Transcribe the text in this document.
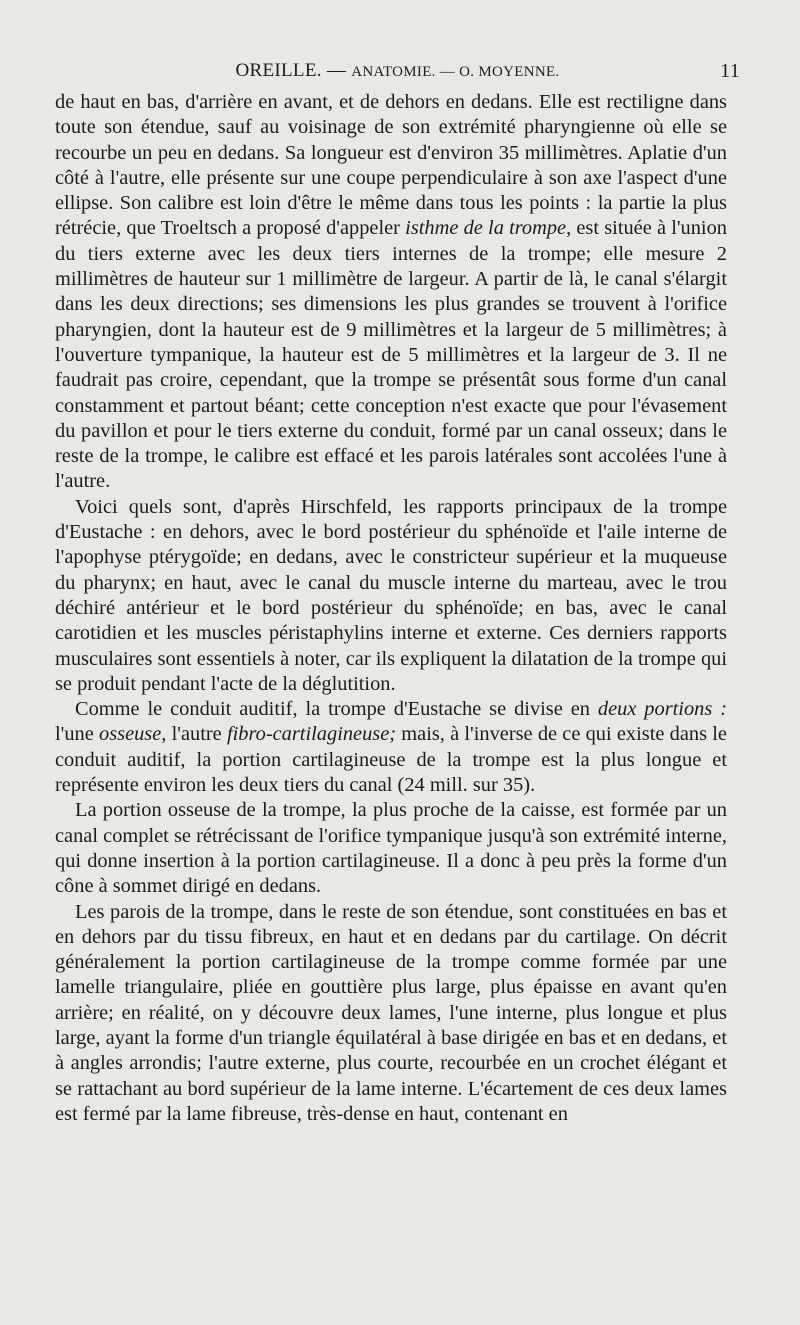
OREILLE. — ANATOMIE. — O. MOYENNE.	11

de haut en bas, d'arrière en avant, et de dehors en dedans. Elle est rectiligne dans toute son étendue, sauf au voisinage de son extrémité pharyngienne où elle se recourbe un peu en dedans. Sa longueur est d'environ 35 millimètres. Aplatie d'un côté à l'autre, elle présente sur une coupe perpendiculaire à son axe l'aspect d'une ellipse. Son calibre est loin d'être le même dans tous les points : la partie la plus rétrécie, que Troeltsch a proposé d'appeler isthme de la trompe, est située à l'union du tiers externe avec les deux tiers internes de la trompe; elle mesure 2 millimètres de hauteur sur 1 millimètre de largeur. A partir de là, le canal s'élargit dans les deux directions; ses dimensions les plus grandes se trouvent à l'orifice pharyngien, dont la hauteur est de 9 millimètres et la largeur de 5 millimètres; à l'ouverture tympanique, la hauteur est de 5 millimètres et la largeur de 3. Il ne faudrait pas croire, cependant, que la trompe se présentât sous forme d'un canal constamment et partout béant; cette conception n'est exacte que pour l'évasement du pavillon et pour le tiers externe du conduit, formé par un canal osseux; dans le reste de la trompe, le calibre est effacé et les parois latérales sont accolées l'une à l'autre.

Voici quels sont, d'après Hirschfeld, les rapports principaux de la trompe d'Eustache : en dehors, avec le bord postérieur du sphénoïde et l'aile interne de l'apophyse ptérygoïde; en dedans, avec le constricteur supérieur et la muqueuse du pharynx; en haut, avec le canal du muscle interne du marteau, avec le trou déchiré antérieur et le bord postérieur du sphénoïde; en bas, avec le canal carotidien et les muscles péristaphylins interne et externe. Ces derniers rapports musculaires sont essentiels à noter, car ils expliquent la dilatation de la trompe qui se produit pendant l'acte de la déglutition.

Comme le conduit auditif, la trompe d'Eustache se divise en deux portions : l'une osseuse, l'autre fibro-cartilagineuse; mais, à l'inverse de ce qui existe dans le conduit auditif, la portion cartilagineuse de la trompe est la plus longue et représente environ les deux tiers du canal (24 mill. sur 35).

La portion osseuse de la trompe, la plus proche de la caisse, est formée par un canal complet se rétrécissant de l'orifice tympanique jusqu'à son extrémité interne, qui donne insertion à la portion cartilagineuse. Il a donc à peu près la forme d'un cône à sommet dirigé en dedans.

Les parois de la trompe, dans le reste de son étendue, sont constituées en bas et en dehors par du tissu fibreux, en haut et en dedans par du cartilage. On décrit généralement la portion cartilagineuse de la trompe comme formée par une lamelle triangulaire, pliée en gouttière plus large, plus épaisse en avant qu'en arrière; en réalité, on y découvre deux lames, l'une interne, plus longue et plus large, ayant la forme d'un triangle équilatéral à base dirigée en bas et en dedans, et à angles arrondis; l'autre externe, plus courte, recourbée en un crochet élégant et se rattachant au bord supérieur de la lame interne. L'écartement de ces deux lames est fermé par la lame fibreuse, très-dense en haut, contenant en
